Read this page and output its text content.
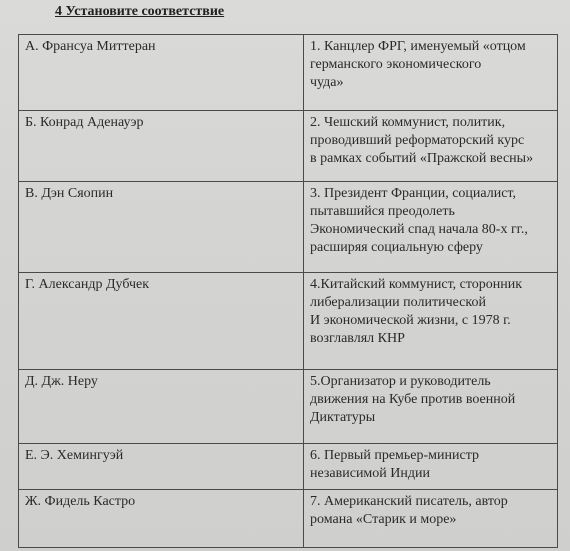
4 Установите соответствие
А. Франсуа Миттеран	1. Канцлер ФРГ, именуемый «отцом
германского экономического
чуда»

Б. Конрад Аденауэр	2. Чешский коммунист, политик,
проводивший реформаторский курс
в рамках событий «Пражской весны»

В. Дэн Сяопин	3. Президент Франции, социалист,
пытавшийся преодолеть
Экономический спад начала 80-х гг.,
расширяя социальную сферу

Г. Александр Дубчек	4.Китайский коммунист, сторонник
либерализации политической
И экономической жизни, с 1978 г.
возглавлял КНР

Д. Дж. Неру	5.Организатор и руководитель
движения на Кубе против военной
Диктатуры

Е. Э. Хемингуэй	6. Первый премьер-министр
независимой Индии

Ж. Фидель Кастро	7. Американский писатель, автор
романа «Старик и море»
